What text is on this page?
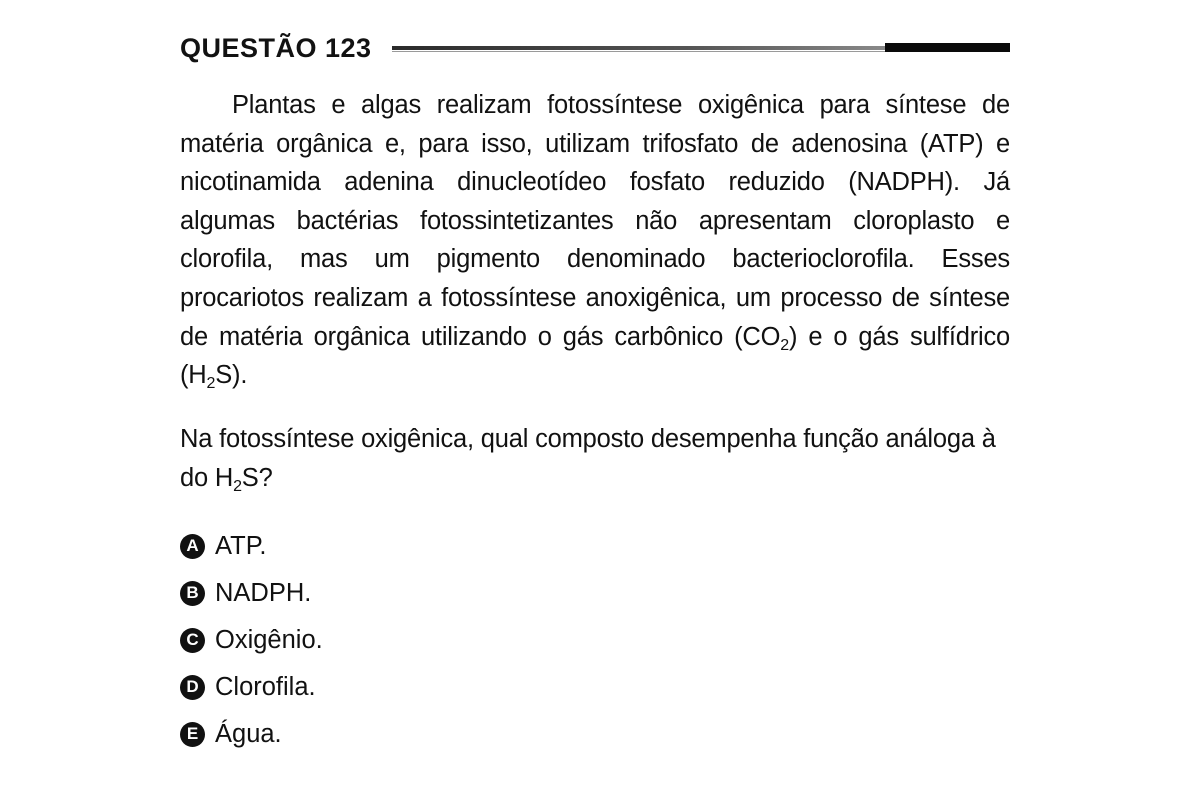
QUESTÃO 123

Plantas e algas realizam fotossíntese oxigênica para síntese de matéria orgânica e, para isso, utilizam trifosfato de adenosina (ATP) e nicotinamida adenina dinucleotídeo fosfato reduzido (NADPH). Já algumas bactérias fotossintetizantes não apresentam cloroplasto e clorofila, mas um pigmento denominado bacterioclorofila. Esses procariotos realizam a fotossíntese anoxigênica, um processo de síntese de matéria orgânica utilizando o gás carbônico $(CO_2)$ e o gás sulfídrico $(H_2S)$.

Na fotossíntese oxigênica, qual composto desempenha função análoga à do $H_2S$?

A ATP.
B NADPH.
C Oxigênio.
D Clorofila.
E Água.
